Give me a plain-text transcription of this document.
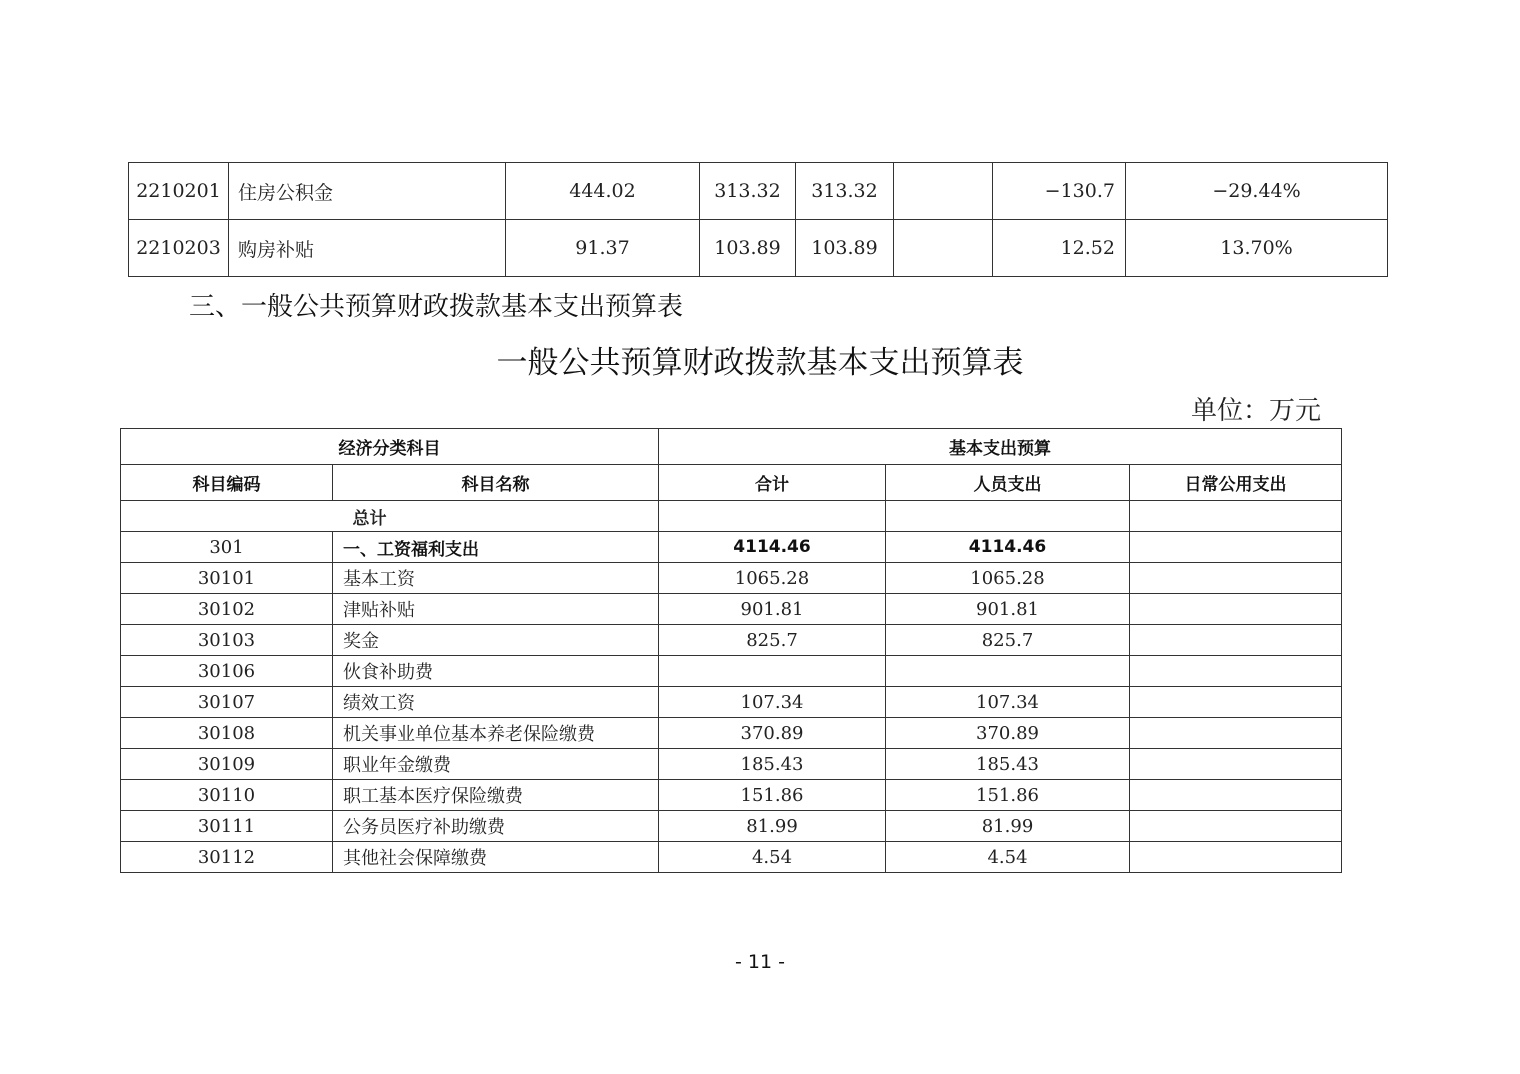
2210201	住房公积金	444.02	313.32	313.32		−130.7	−29.44%
2210203	购房补贴	91.37	103.89	103.89		12.52	13.70%
三、一般公共预算财政拨款基本支出预算表
一般公共预算财政拨款基本支出预算表
单位：万元
经济分类科目		基本支出预算		
科目编码	科目名称	合计	人员支出	日常公用支出
总计				
301	一、工资福利支出	4114.46	4114.46	
30101	基本工资	1065.28	1065.28	
30102	津贴补贴	901.81	901.81	
30103	奖金	825.7	825.7	
30106	伙食补助费			
30107	绩效工资	107.34	107.34	
30108	机关事业单位基本养老保险缴费	370.89	370.89	
30109	职业年金缴费	185.43	185.43	
30110	职工基本医疗保险缴费	151.86	151.86	
30111	公务员医疗补助缴费	81.99	81.99	
30112	其他社会保障缴费	4.54	4.54	
- 11 -
